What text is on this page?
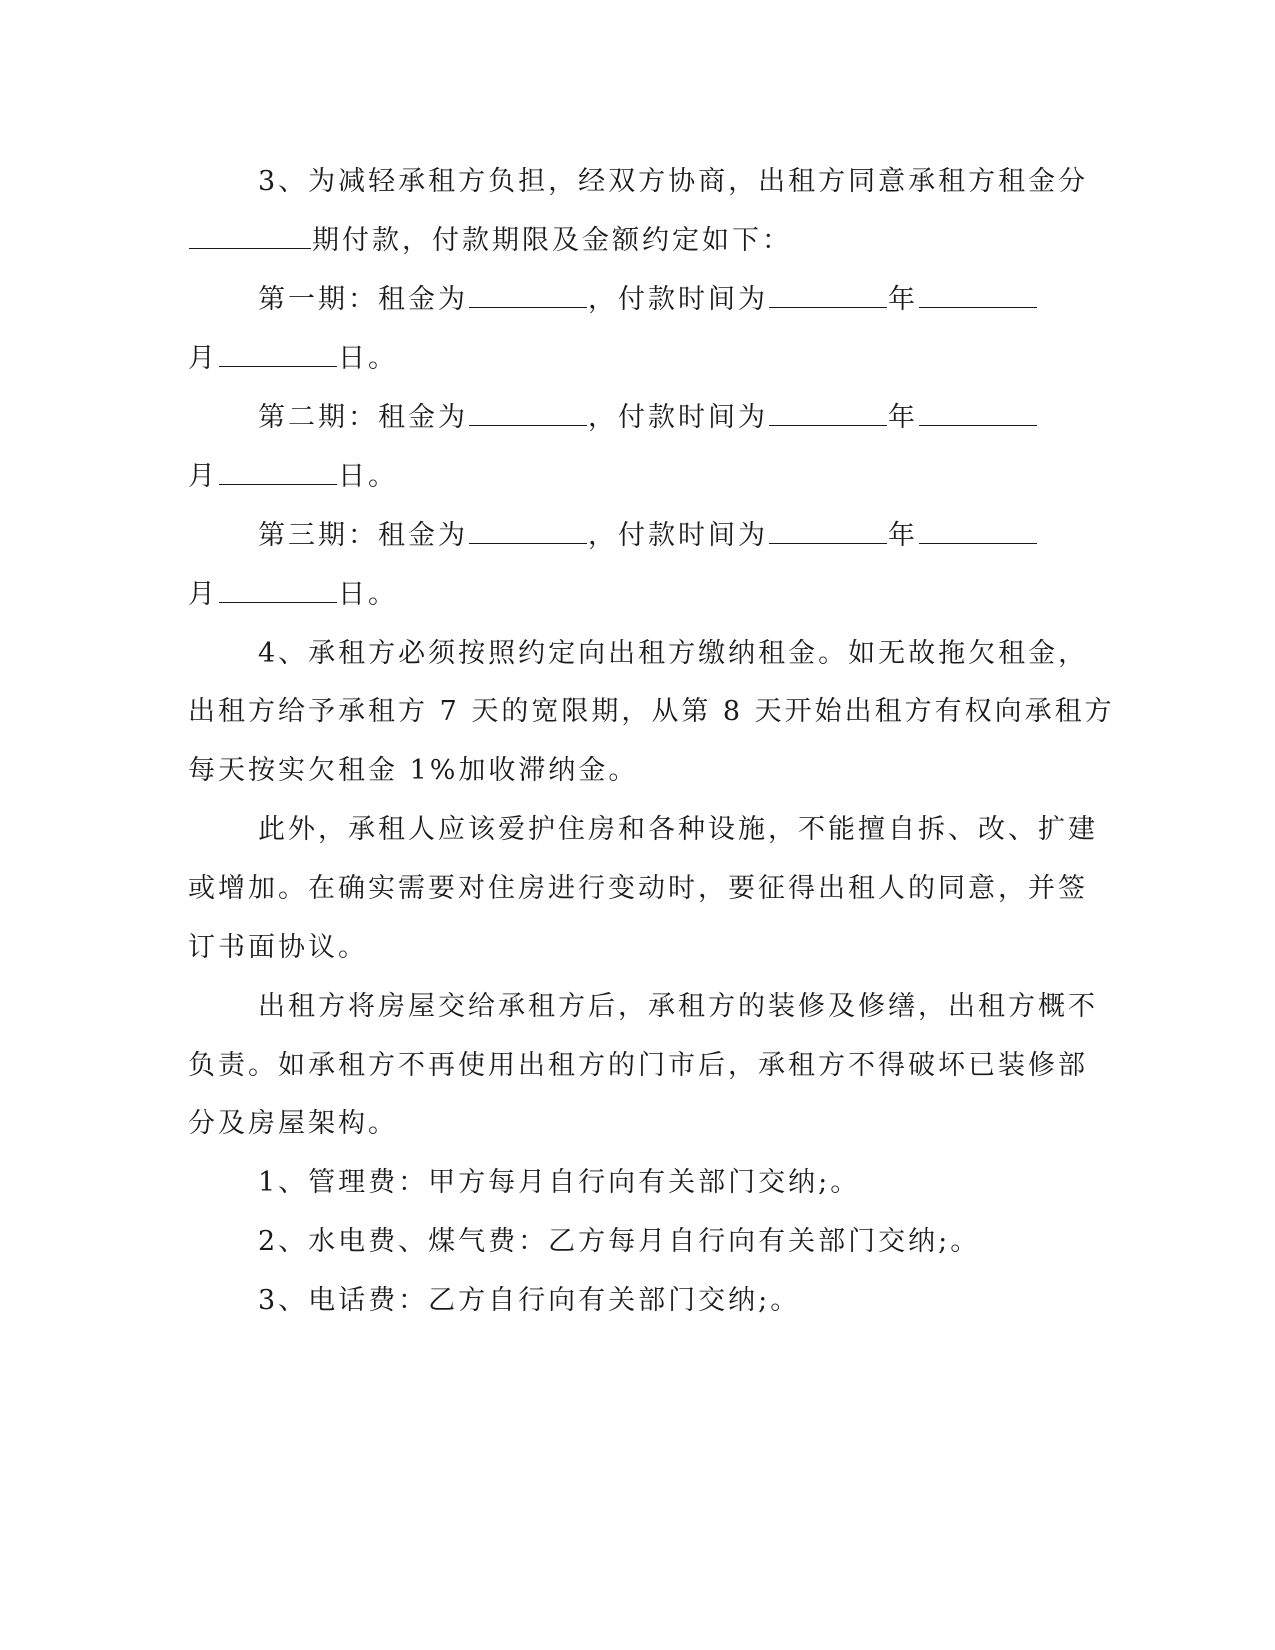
3、为减轻承租方负担，经双方协商，出租方同意承租方租金分
期付款，付款期限及金额约定如下：
第一期：租金为	，付款时间为	年
月	日。
第二期：租金为	，付款时间为	年
月	日。
第三期：租金为	，付款时间为	年
月	日。
4、承租方必须按照约定向出租方缴纳租金。如无故拖欠租金，
出租方给予承租方 7 天的宽限期，从第 8 天开始出租方有权向承租方
每天按实欠租金 1%加收滞纳金。
此外，承租人应该爱护住房和各种设施，不能擅自拆、改、扩建
或增加。在确实需要对住房进行变动时，要征得出租人的同意，并签
订书面协议。
出租方将房屋交给承租方后，承租方的装修及修缮，出租方概不
负责。如承租方不再使用出租方的门市后，承租方不得破坏已装修部
分及房屋架构。
1、管理费：甲方每月自行向有关部门交纳;。
2、水电费、煤气费：乙方每月自行向有关部门交纳;。
3、电话费：乙方自行向有关部门交纳;。
